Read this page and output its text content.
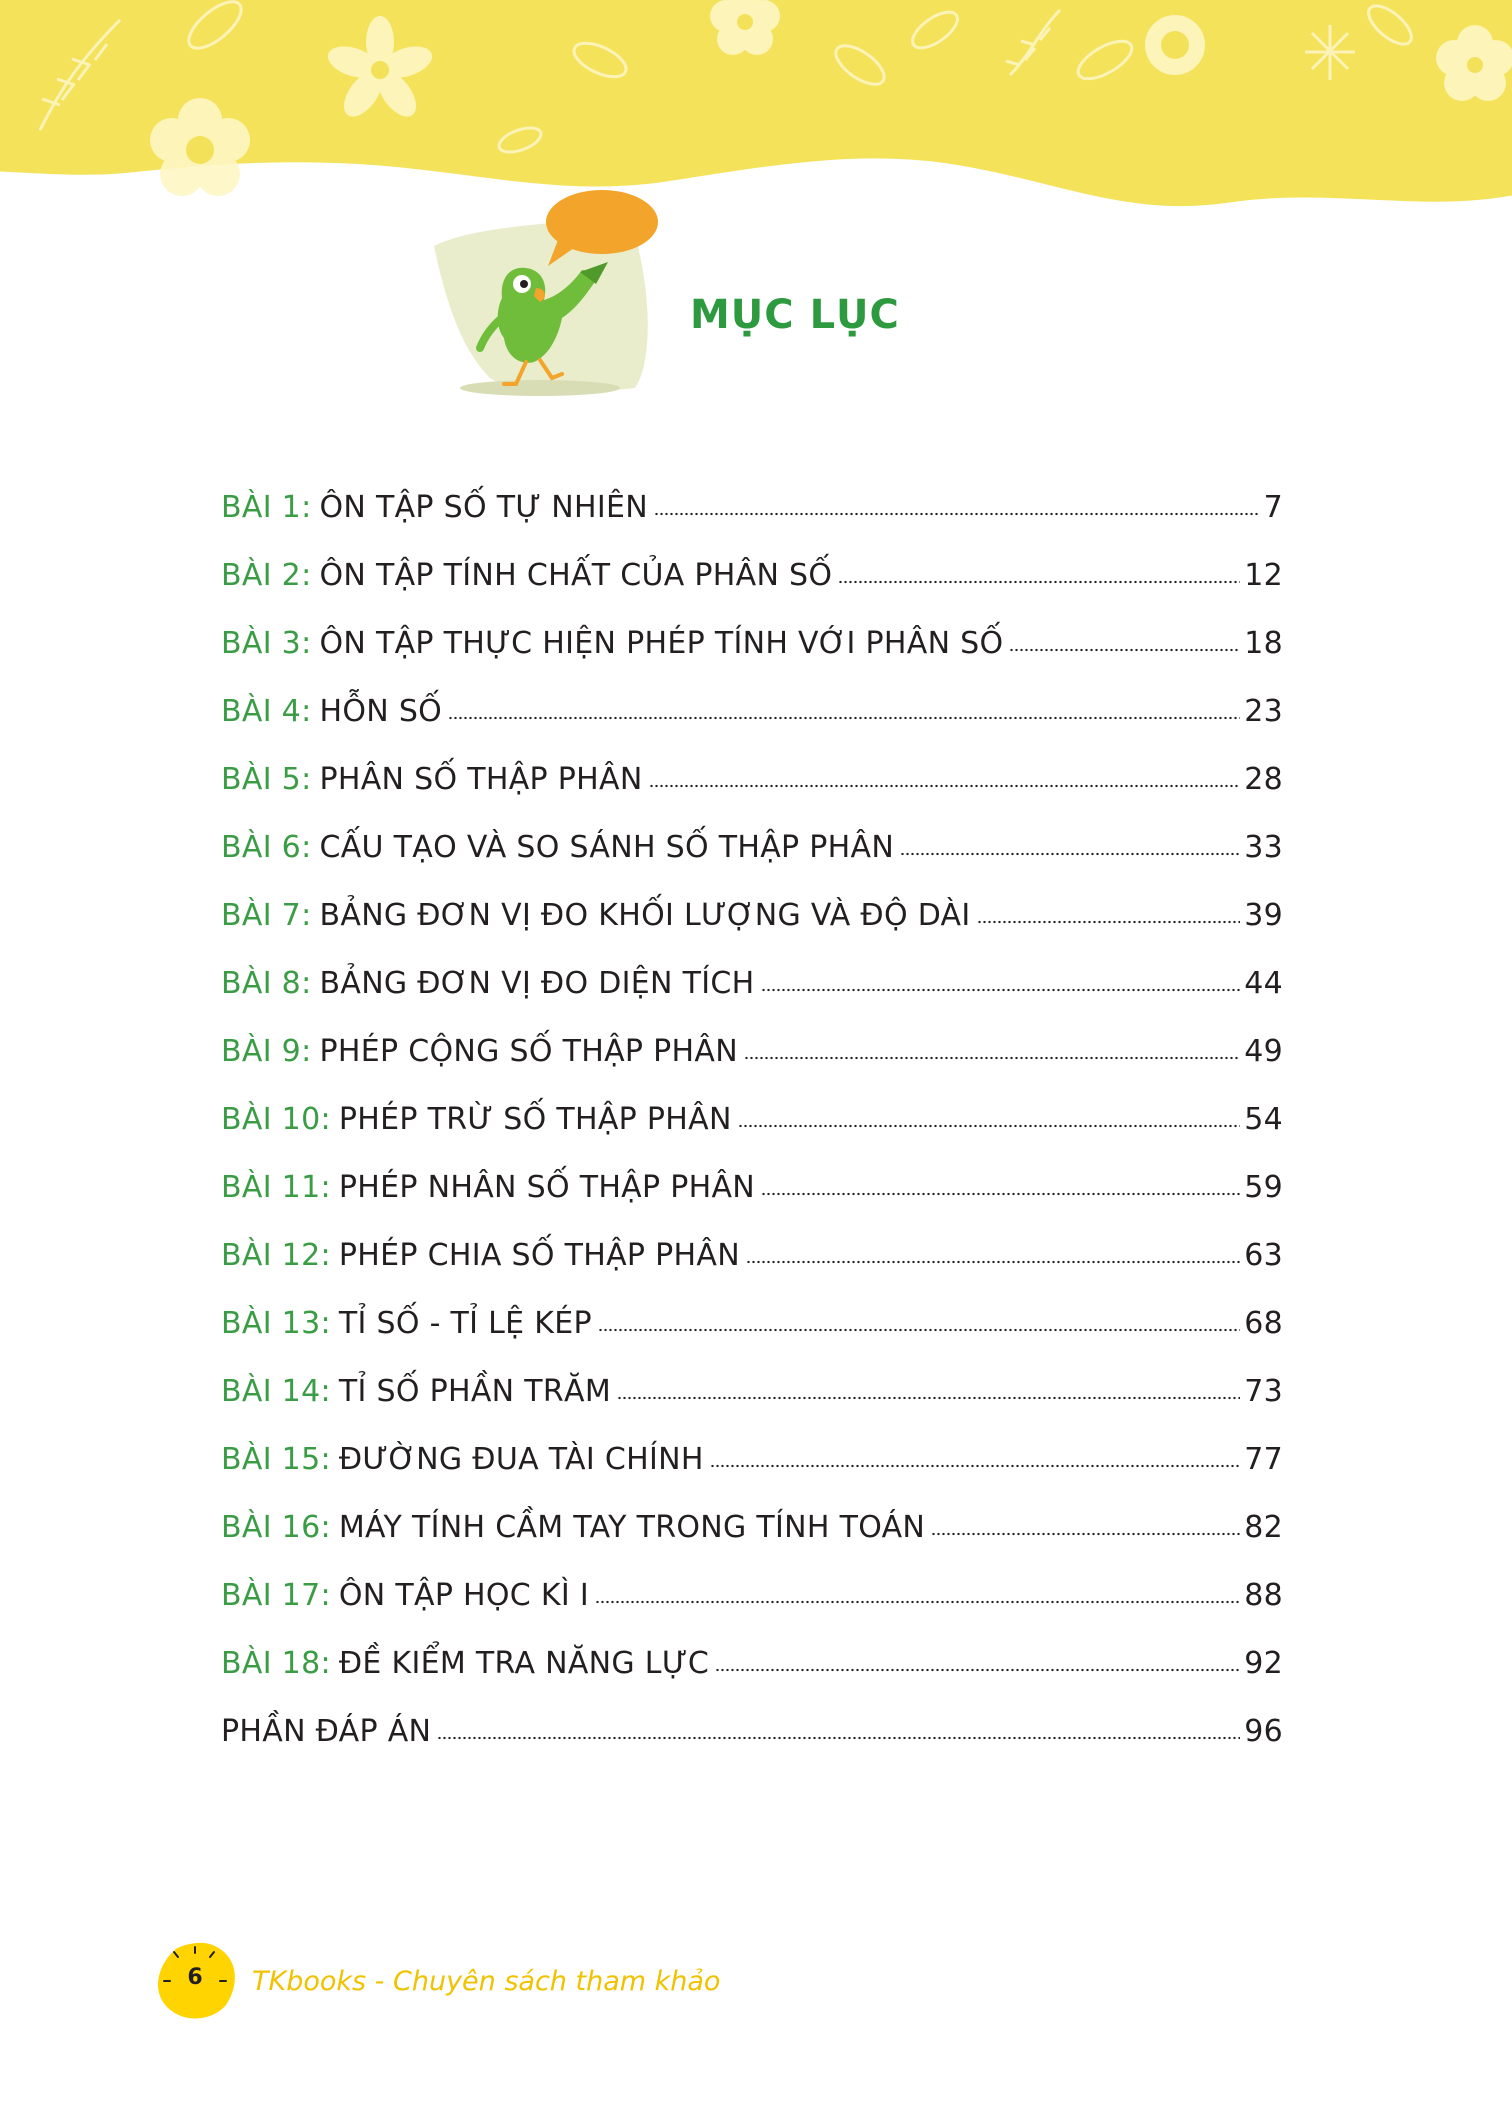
MỤC LỤC
BÀI 1: ÔN TẬP SỐ TỰ NHIÊN	7
BÀI 2: ÔN TẬP TÍNH CHẤT CỦA PHÂN SỐ	12
BÀI 3: ÔN TẬP THỰC HIỆN PHÉP TÍNH VỚI PHÂN SỐ	18
BÀI 4: HỖN SỐ	23
BÀI 5: PHÂN SỐ THẬP PHÂN	28
BÀI 6: CẤU TẠO VÀ SO SÁNH SỐ THẬP PHÂN	33
BÀI 7: BẢNG ĐƠN VỊ ĐO KHỐI LƯỢNG VÀ ĐỘ DÀI	39
BÀI 8: BẢNG ĐƠN VỊ ĐO DIỆN TÍCH	44
BÀI 9: PHÉP CỘNG SỐ THẬP PHÂN	49
BÀI 10: PHÉP TRỪ SỐ THẬP PHÂN	54
BÀI 11: PHÉP NHÂN SỐ THẬP PHÂN	59
BÀI 12: PHÉP CHIA SỐ THẬP PHÂN	63
BÀI 13: TỈ SỐ - TỈ LỆ KÉP	68
BÀI 14: TỈ SỐ PHẦN TRĂM	73
BÀI 15: ĐƯỜNG ĐUA TÀI CHÍNH	77
BÀI 16: MÁY TÍNH CẦM TAY TRONG TÍNH TOÁN	82
BÀI 17: ÔN TẬP HỌC KÌ I	88
BÀI 18: ĐỀ KIỂM TRA NĂNG LỰC	92
PHẦN ĐÁP ÁN	96
6	TKbooks - Chuyên sách tham khảo
